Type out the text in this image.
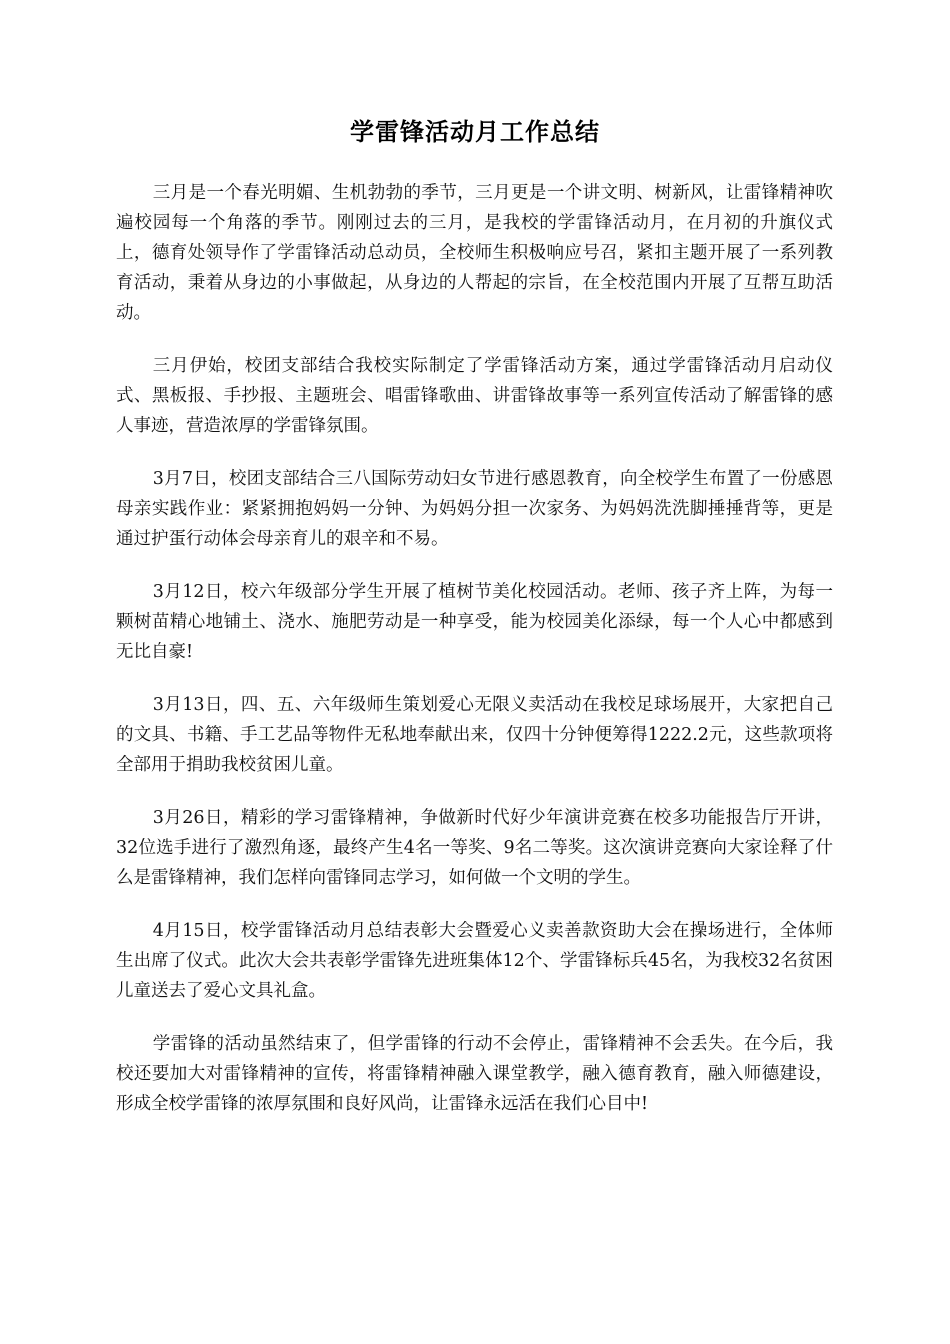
学雷锋活动月工作总结

三月是一个春光明媚、生机勃勃的季节，三月更是一个讲文明、树新风，让雷锋精神吹遍校园每一个角落的季节。刚刚过去的三月，是我校的学雷锋活动月，在月初的升旗仪式上，德育处领导作了学雷锋活动总动员，全校师生积极响应号召，紧扣主题开展了一系列教育活动，秉着从身边的小事做起，从身边的人帮起的宗旨，在全校范围内开展了互帮互助活动。

三月伊始，校团支部结合我校实际制定了学雷锋活动方案，通过学雷锋活动月启动仪式、黑板报、手抄报、主题班会、唱雷锋歌曲、讲雷锋故事等一系列宣传活动了解雷锋的感人事迹，营造浓厚的学雷锋氛围。

3月7日，校团支部结合三八国际劳动妇女节进行感恩教育，向全校学生布置了一份感恩母亲实践作业：紧紧拥抱妈妈一分钟、为妈妈分担一次家务、为妈妈洗洗脚捶捶背等，更是通过护蛋行动体会母亲育儿的艰辛和不易。

3月12日，校六年级部分学生开展了植树节美化校园活动。老师、孩子齐上阵，为每一颗树苗精心地铺土、浇水、施肥劳动是一种享受，能为校园美化添绿，每一个人心中都感到无比自豪!

3月13日，四、五、六年级师生策划爱心无限义卖活动在我校足球场展开，大家把自己的文具、书籍、手工艺品等物件无私地奉献出来，仅四十分钟便筹得1222.2元，这些款项将全部用于捐助我校贫困儿童。

3月26日，精彩的学习雷锋精神，争做新时代好少年演讲竞赛在校多功能报告厅开讲，32位选手进行了激烈角逐，最终产生4名一等奖、9名二等奖。这次演讲竞赛向大家诠释了什么是雷锋精神，我们怎样向雷锋同志学习，如何做一个文明的学生。

4月15日，校学雷锋活动月总结表彰大会暨爱心义卖善款资助大会在操场进行，全体师生出席了仪式。此次大会共表彰学雷锋先进班集体12个、学雷锋标兵45名，为我校32名贫困儿童送去了爱心文具礼盒。

学雷锋的活动虽然结束了，但学雷锋的行动不会停止，雷锋精神不会丢失。在今后，我校还要加大对雷锋精神的宣传，将雷锋精神融入课堂教学，融入德育教育，融入师德建设，形成全校学雷锋的浓厚氛围和良好风尚，让雷锋永远活在我们心目中!
